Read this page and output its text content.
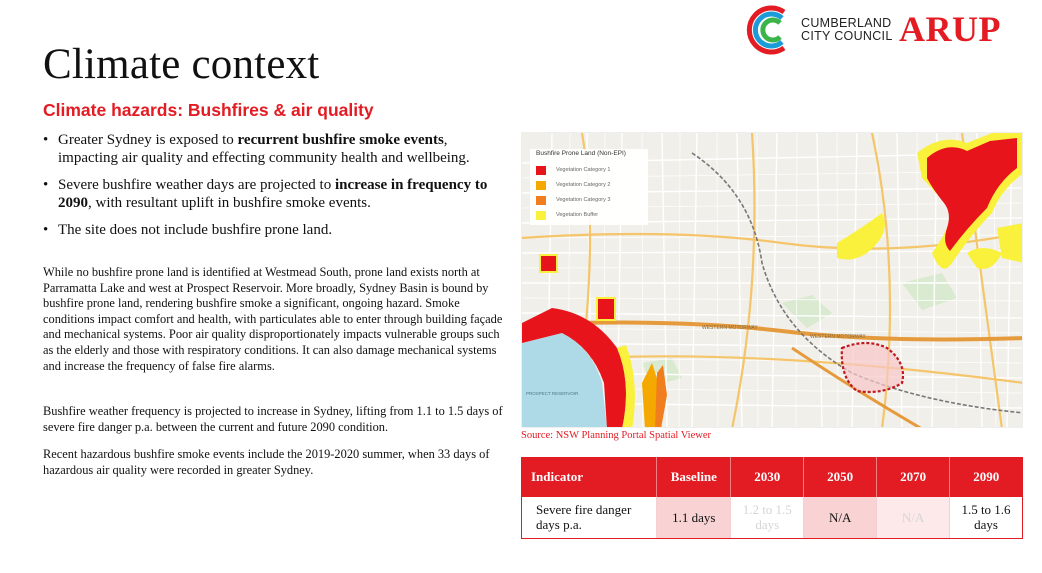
Climate context
Climate hazards: Bushfires & air quality
CUMBERLAND
CITY COUNCIL ARUP
• Greater Sydney is exposed to recurrent bushfire smoke events, impacting air quality and effecting community health and wellbeing.
• Severe bushfire weather days are projected to increase in frequency to 2090, with resultant uplift in bushfire smoke events.
• The site does not include bushfire prone land.

While no bushfire prone land is identified at Westmead South, prone land exists north at Parramatta Lake and west at Prospect Reservoir. More broadly, Sydney Basin is bound by bushfire prone land, rendering bushfire smoke a significant, ongoing hazard. Smoke conditions impact comfort and health, with particulates able to enter through building façade and mechanical systems. Poor air quality disproportionately impacts vulnerable groups such as the elderly and those with respiratory conditions. It can also damage mechanical systems and increase the frequency of false fire alarms.

Bushfire weather frequency is projected to increase in Sydney, lifting from 1.1 to 1.5 days of severe fire danger p.a. between the current and future 2090 condition.

Recent hazardous bushfire smoke events include the 2019-2020 summer, when 33 days of hazardous air quality were recorded in greater Sydney.

WESTERN MOTORWAY
WESTERN MOTORWAY
PROSPECT RESERVOIR
Bushfire Prone Land (Non-EPI)
Vegetation Category 1
Vegetation Category 2
Vegetation Category 3
Vegetation Buffer
Source: NSW Planning Portal Spatial Viewer
Indicator	Baseline	2030	2050	2070	2090
Severe fire danger days p.a.	1.1 days	1.2 to 1.5 days	N/A	N/A	1.5 to 1.6 days
